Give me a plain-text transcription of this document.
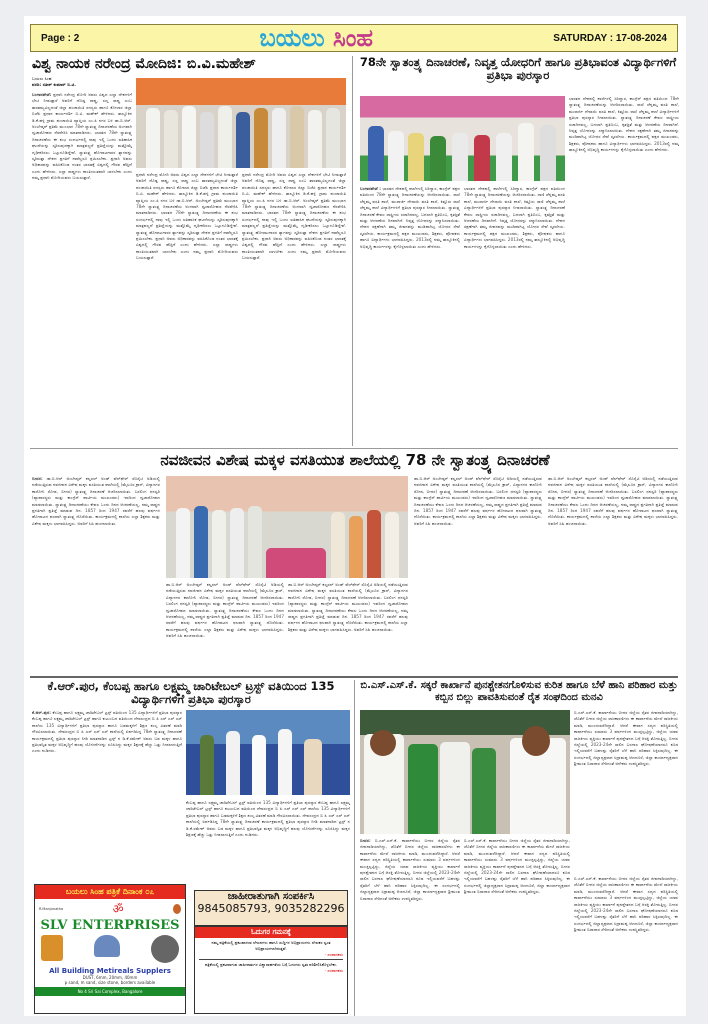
Page : 2	ಬಯಲು ಸಿಂಹ	SATURDAY : 17-08-2024
ವಿಶ್ವ ನಾಯಕ ನರೇಂದ್ರ ಮೋದಿಜಿ: ಬಿ.ವಿ.ಮಹೇಶ್

ಬಯಲು ಸಿಂಹ

ವರದಿ: ಸತೀಶ್ ಕುಮಾರ್ ಬಿ.ಟಿ.

ಬಂಗಾರಪೇಟೆ: ಪ್ರಧಾನಿ ನರೇಂದ್ರ ಮೋದಿ ಅವರು ವಿಶ್ವದ ಎಲ್ಲಾ ದೇಶಗಳಿಗೆ ಭೇಟಿ ನೀಡುತ್ತಾರೆ ಅವರಿಗೆ ದೊಡ್ಡ ರಾಷ್ಟ್ರ, ಸಣ್ಣ ರಾಷ್ಟ್ರ ಎಂಬ ತಾರತಮ್ಯವಿಲ್ಲದಂತೆ ಜಿಲ್ಲಾ ಪಂಚಾಯಿತಿ ಸದಸ್ಯರು ಹಾಗೂ ಕೋಲಾರ ಜಿಲ್ಲಾ ಬಿಜೆಪಿ ಪ್ರಧಾನ ಕಾರ್ಯದರ್ಶಿ ಬಿ.ವಿ. ಮಹೇಶ್ ಹೇಳಿದರು. ತಾಲ್ಲೂಕಿನ ಡಿ.ಕೆ.ಹಳ್ಳಿ ಗ್ರಾಮ ಪಂಚಾಯಿತಿ ವ್ಯಾಪ್ತಿಯ ಎಂ.ಪಿ ನಗರ ಬಳಿ ಡಾ.ಬಿ.ಆರ್. ಅಂಬೇಡ್ಕರ್ ಪ್ರತಿಮೆ ಮುಂಭಾಗ 78ನೇ ಸ್ವಾತಂತ್ರ್ಯ ದಿನಾಚರಣೆಯ ಅಂಗವಾಗಿ ಧ್ವಜಾರೋಹಣ ನೆರವೇರಿಸಿ ಮಾತನಾಡಿದರು. ಭಾರತದ 78ನೇ ಸ್ವಾತಂತ್ರ್ಯ ದಿನಾಚರಣೆಯ ಈ ಶುಭ ಸಂದರ್ಭದಲ್ಲಿ ನಾವು ಇಲ್ಲಿ ಒಂದು ಐತಿಹಾಸಿಕ ಘಟನೆಯನ್ನು ಸ್ಮರಿಸುವುದಕ್ಕಾಗಿ ಮಾತ್ರವಲ್ಲದೆ ಪ್ರತಿಜ್ಞೆಯನ್ನು ಮತ್ತೊಮ್ಮೆ ದೃಢೀಕರಿಸಲು ಒಟ್ಟುಗೂಡಿದ್ದೇವೆ. ಸ್ವಾತಂತ್ರ್ಯ ಹೋರಾಟಗಾರರ ತ್ಯಾಗವನ್ನು ಸ್ಮರಿಸುತ್ತಾ ದೇಶದ ಪ್ರಗತಿಗೆ ನಾವೆಲ್ಲರೂ ಶ್ರಮಿಸಬೇಕು. ಪ್ರಧಾನಿ ಅವರು ಅಧಿಕಾರವನ್ನು ವಹಿಸಿಕೊಂಡ ನಂತರ ಭಾರತಕ್ಕೆ ವಿಶ್ವದಲ್ಲಿ ಗೌರವ ಹೆಚ್ಚಿದೆ ಎಂದು ಹೇಳಿದರು. ಎಲ್ಲಾ ರಾಷ್ಟ್ರಗಳು ಶಾಂತಿಯುತವಾಗಿ ಬಾಳಬೇಕು ಎಂದು ನಮ್ಮ ಪ್ರಧಾನಿ ಮೋದಿಯವರು ಬಯಸುತ್ತಾರೆ.

ಪ್ರಧಾನಿ ನರೇಂದ್ರ ಮೋದಿ ಅವರು ವಿಶ್ವದ ಎಲ್ಲಾ ದೇಶಗಳಿಗೆ ಭೇಟಿ ನೀಡುತ್ತಾರೆ ಅವರಿಗೆ ದೊಡ್ಡ ರಾಷ್ಟ್ರ, ಸಣ್ಣ ರಾಷ್ಟ್ರ ಎಂಬ ತಾರತಮ್ಯವಿಲ್ಲದಂತೆ ಜಿಲ್ಲಾ ಪಂಚಾಯಿತಿ ಸದಸ್ಯರು ಹಾಗೂ ಕೋಲಾರ ಜಿಲ್ಲಾ ಬಿಜೆಪಿ ಪ್ರಧಾನ ಕಾರ್ಯದರ್ಶಿ ಬಿ.ವಿ. ಮಹೇಶ್ ಹೇಳಿದರು. ತಾಲ್ಲೂಕಿನ ಡಿ.ಕೆ.ಹಳ್ಳಿ ಗ್ರಾಮ ಪಂಚಾಯಿತಿ ವ್ಯಾಪ್ತಿಯ ಎಂ.ಪಿ ನಗರ ಬಳಿ ಡಾ.ಬಿ.ಆರ್. ಅಂಬೇಡ್ಕರ್ ಪ್ರತಿಮೆ ಮುಂಭಾಗ 78ನೇ ಸ್ವಾತಂತ್ರ್ಯ ದಿನಾಚರಣೆಯ ಅಂಗವಾಗಿ ಧ್ವಜಾರೋಹಣ ನೆರವೇರಿಸಿ ಮಾತನಾಡಿದರು. ಭಾರತದ 78ನೇ ಸ್ವಾತಂತ್ರ್ಯ ದಿನಾಚರಣೆಯ ಈ ಶುಭ ಸಂದರ್ಭದಲ್ಲಿ ನಾವು ಇಲ್ಲಿ ಒಂದು ಐತಿಹಾಸಿಕ ಘಟನೆಯನ್ನು ಸ್ಮರಿಸುವುದಕ್ಕಾಗಿ ಮಾತ್ರವಲ್ಲದೆ ಪ್ರತಿಜ್ಞೆಯನ್ನು ಮತ್ತೊಮ್ಮೆ ದೃಢೀಕರಿಸಲು ಒಟ್ಟುಗೂಡಿದ್ದೇವೆ. ಸ್ವಾತಂತ್ರ್ಯ ಹೋರಾಟಗಾರರ ತ್ಯಾಗವನ್ನು ಸ್ಮರಿಸುತ್ತಾ ದೇಶದ ಪ್ರಗತಿಗೆ ನಾವೆಲ್ಲರೂ ಶ್ರಮಿಸಬೇಕು. ಪ್ರಧಾನಿ ಅವರು ಅಧಿಕಾರವನ್ನು ವಹಿಸಿಕೊಂಡ ನಂತರ ಭಾರತಕ್ಕೆ ವಿಶ್ವದಲ್ಲಿ ಗೌರವ ಹೆಚ್ಚಿದೆ ಎಂದು ಹೇಳಿದರು. ಎಲ್ಲಾ ರಾಷ್ಟ್ರಗಳು ಶಾಂತಿಯುತವಾಗಿ ಬಾಳಬೇಕು ಎಂದು ನಮ್ಮ ಪ್ರಧಾನಿ ಮೋದಿಯವರು ಬಯಸುತ್ತಾರೆ.

ಪ್ರಧಾನಿ ನರೇಂದ್ರ ಮೋದಿ ಅವರು ವಿಶ್ವದ ಎಲ್ಲಾ ದೇಶಗಳಿಗೆ ಭೇಟಿ ನೀಡುತ್ತಾರೆ ಅವರಿಗೆ ದೊಡ್ಡ ರಾಷ್ಟ್ರ, ಸಣ್ಣ ರಾಷ್ಟ್ರ ಎಂಬ ತಾರತಮ್ಯವಿಲ್ಲದಂತೆ ಜಿಲ್ಲಾ ಪಂಚಾಯಿತಿ ಸದಸ್ಯರು ಹಾಗೂ ಕೋಲಾರ ಜಿಲ್ಲಾ ಬಿಜೆಪಿ ಪ್ರಧಾನ ಕಾರ್ಯದರ್ಶಿ ಬಿ.ವಿ. ಮಹೇಶ್ ಹೇಳಿದರು. ತಾಲ್ಲೂಕಿನ ಡಿ.ಕೆ.ಹಳ್ಳಿ ಗ್ರಾಮ ಪಂಚಾಯಿತಿ ವ್ಯಾಪ್ತಿಯ ಎಂ.ಪಿ ನಗರ ಬಳಿ ಡಾ.ಬಿ.ಆರ್. ಅಂಬೇಡ್ಕರ್ ಪ್ರತಿಮೆ ಮುಂಭಾಗ 78ನೇ ಸ್ವಾತಂತ್ರ್ಯ ದಿನಾಚರಣೆಯ ಅಂಗವಾಗಿ ಧ್ವಜಾರೋಹಣ ನೆರವೇರಿಸಿ ಮಾತನಾಡಿದರು. ಭಾರತದ 78ನೇ ಸ್ವಾತಂತ್ರ್ಯ ದಿನಾಚರಣೆಯ ಈ ಶುಭ ಸಂದರ್ಭದಲ್ಲಿ ನಾವು ಇಲ್ಲಿ ಒಂದು ಐತಿಹಾಸಿಕ ಘಟನೆಯನ್ನು ಸ್ಮರಿಸುವುದಕ್ಕಾಗಿ ಮಾತ್ರವಲ್ಲದೆ ಪ್ರತಿಜ್ಞೆಯನ್ನು ಮತ್ತೊಮ್ಮೆ ದೃಢೀಕರಿಸಲು ಒಟ್ಟುಗೂಡಿದ್ದೇವೆ. ಸ್ವಾತಂತ್ರ್ಯ ಹೋರಾಟಗಾರರ ತ್ಯಾಗವನ್ನು ಸ್ಮರಿಸುತ್ತಾ ದೇಶದ ಪ್ರಗತಿಗೆ ನಾವೆಲ್ಲರೂ ಶ್ರಮಿಸಬೇಕು. ಪ್ರಧಾನಿ ಅವರು ಅಧಿಕಾರವನ್ನು ವಹಿಸಿಕೊಂಡ ನಂತರ ಭಾರತಕ್ಕೆ ವಿಶ್ವದಲ್ಲಿ ಗೌರವ ಹೆಚ್ಚಿದೆ ಎಂದು ಹೇಳಿದರು. ಎಲ್ಲಾ ರಾಷ್ಟ್ರಗಳು ಶಾಂತಿಯುತವಾಗಿ ಬಾಳಬೇಕು ಎಂದು ನಮ್ಮ ಪ್ರಧಾನಿ ಮೋದಿಯವರು ಬಯಸುತ್ತಾರೆ.

78ನೇ ಸ್ವಾತಂತ್ರ್ಯ ದಿನಾಚರಣೆ, ನಿವೃತ್ತ ಯೋಧರಿಗೆ ಹಾಗೂ ಪ್ರತಿಭಾವಂತ ವಿದ್ಯಾರ್ಥಿಗಳಿಗೆ ಪ್ರತಿಭಾ ಪುರಸ್ಕಾರ

ಭಾರತದ ದೇಶಪಲ್ಲಿ ಶಾಲೆಗಳಲ್ಲಿ ಸಿರಿದ್ವಾರ, ಕಾಂಗ್ರೆಸ್ ಪಕ್ಷದ ವತಿಯಿಂದ 78ನೇ ಸ್ವಾತಂತ್ರ್ಯ ದಿನಾಚರಣೆಯನ್ನು ಆಚರಿಸಲಾಯಿತು. ರಾಣಿ ಚೆನ್ನಮ್ಮ ವಸತಿ ಶಾಲೆ, ಮುರಾರ್ಜಿ ದೇಸಾಯಿ ವಸತಿ ಶಾಲೆ, ಕಿತ್ತೂರು ರಾಣಿ ಚೆನ್ನಮ್ಮ ಶಾಲೆ ವಿದ್ಯಾರ್ಥಿಗಳಿಗೆ ಪ್ರತಿಭಾ ಪುರಸ್ಕಾರ ನೀಡಲಾಯಿತು. ಸ್ವಾತಂತ್ರ್ಯ ದಿನಾಚರಣೆ ಕೇವಲ ರಾಷ್ಟ್ರೀಯ ರಜಾದಿನವಲ್ಲ, ಬದಲಾಗಿ ಪ್ರತಿಬಿಂಬ, ಕೃತಜ್ಞತೆ ಮತ್ತು ಆಚರಣೆಯ ದಿನವಾಗಿದೆ. ನಿವೃತ್ತ ಯೋಧರನ್ನು ಸನ್ಮಾನಿಸಲಾಯಿತು. ದೇಶದ ರಕ್ಷಣೆಗಾಗಿ ತಮ್ಮ ಜೀವನವನ್ನು ಮುಡಿಪಾಗಿಟ್ಟ ಯೋಧರ ಸೇವೆ ಸ್ಮರಣೀಯ. ಕಾರ್ಯಕ್ರಮದಲ್ಲಿ ಪಕ್ಷದ ಮುಖಂಡರು, ಶಿಕ್ಷಕರು, ಪೋಷಕರು ಹಾಗೂ ವಿದ್ಯಾರ್ಥಿಗಳು ಭಾಗವಹಿಸಿದ್ದರು. 2013ರಲ್ಲಿ ನಮ್ಮ ತಾಲ್ಲೂಕಿನಲ್ಲಿ ಅಭಿವೃದ್ಧಿ ಕಾರ್ಯಗಳನ್ನು ಕೈಗೊಳ್ಳಲಾಯಿತು ಎಂದು ಹೇಳಿದರು.

ಬಂಗಾರಪೇಟೆ : ಭಾರತದ ದೇಶಪಲ್ಲಿ ಶಾಲೆಗಳಲ್ಲಿ ಸಿರಿದ್ವಾರ, ಕಾಂಗ್ರೆಸ್ ಪಕ್ಷದ ವತಿಯಿಂದ 78ನೇ ಸ್ವಾತಂತ್ರ್ಯ ದಿನಾಚರಣೆಯನ್ನು ಆಚರಿಸಲಾಯಿತು. ರಾಣಿ ಚೆನ್ನಮ್ಮ ವಸತಿ ಶಾಲೆ, ಮುರಾರ್ಜಿ ದೇಸಾಯಿ ವಸತಿ ಶಾಲೆ, ಕಿತ್ತೂರು ರಾಣಿ ಚೆನ್ನಮ್ಮ ಶಾಲೆ ವಿದ್ಯಾರ್ಥಿಗಳಿಗೆ ಪ್ರತಿಭಾ ಪುರಸ್ಕಾರ ನೀಡಲಾಯಿತು. ಸ್ವಾತಂತ್ರ್ಯ ದಿನಾಚರಣೆ ಕೇವಲ ರಾಷ್ಟ್ರೀಯ ರಜಾದಿನವಲ್ಲ, ಬದಲಾಗಿ ಪ್ರತಿಬಿಂಬ, ಕೃತಜ್ಞತೆ ಮತ್ತು ಆಚರಣೆಯ ದಿನವಾಗಿದೆ. ನಿವೃತ್ತ ಯೋಧರನ್ನು ಸನ್ಮಾನಿಸಲಾಯಿತು. ದೇಶದ ರಕ್ಷಣೆಗಾಗಿ ತಮ್ಮ ಜೀವನವನ್ನು ಮುಡಿಪಾಗಿಟ್ಟ ಯೋಧರ ಸೇವೆ ಸ್ಮರಣೀಯ. ಕಾರ್ಯಕ್ರಮದಲ್ಲಿ ಪಕ್ಷದ ಮುಖಂಡರು, ಶಿಕ್ಷಕರು, ಪೋಷಕರು ಹಾಗೂ ವಿದ್ಯಾರ್ಥಿಗಳು ಭಾಗವಹಿಸಿದ್ದರು. 2013ರಲ್ಲಿ ನಮ್ಮ ತಾಲ್ಲೂಕಿನಲ್ಲಿ ಅಭಿವೃದ್ಧಿ ಕಾರ್ಯಗಳನ್ನು ಕೈಗೊಳ್ಳಲಾಯಿತು ಎಂದು ಹೇಳಿದರು.

ಭಾರತದ ದೇಶಪಲ್ಲಿ ಶಾಲೆಗಳಲ್ಲಿ ಸಿರಿದ್ವಾರ, ಕಾಂಗ್ರೆಸ್ ಪಕ್ಷದ ವತಿಯಿಂದ 78ನೇ ಸ್ವಾತಂತ್ರ್ಯ ದಿನಾಚರಣೆಯನ್ನು ಆಚರಿಸಲಾಯಿತು. ರಾಣಿ ಚೆನ್ನಮ್ಮ ವಸತಿ ಶಾಲೆ, ಮುರಾರ್ಜಿ ದೇಸಾಯಿ ವಸತಿ ಶಾಲೆ, ಕಿತ್ತೂರು ರಾಣಿ ಚೆನ್ನಮ್ಮ ಶಾಲೆ ವಿದ್ಯಾರ್ಥಿಗಳಿಗೆ ಪ್ರತಿಭಾ ಪುರಸ್ಕಾರ ನೀಡಲಾಯಿತು. ಸ್ವಾತಂತ್ರ್ಯ ದಿನಾಚರಣೆ ಕೇವಲ ರಾಷ್ಟ್ರೀಯ ರಜಾದಿನವಲ್ಲ, ಬದಲಾಗಿ ಪ್ರತಿಬಿಂಬ, ಕೃತಜ್ಞತೆ ಮತ್ತು ಆಚರಣೆಯ ದಿನವಾಗಿದೆ. ನಿವೃತ್ತ ಯೋಧರನ್ನು ಸನ್ಮಾನಿಸಲಾಯಿತು. ದೇಶದ ರಕ್ಷಣೆಗಾಗಿ ತಮ್ಮ ಜೀವನವನ್ನು ಮುಡಿಪಾಗಿಟ್ಟ ಯೋಧರ ಸೇವೆ ಸ್ಮರಣೀಯ. ಕಾರ್ಯಕ್ರಮದಲ್ಲಿ ಪಕ್ಷದ ಮುಖಂಡರು, ಶಿಕ್ಷಕರು, ಪೋಷಕರು ಹಾಗೂ ವಿದ್ಯಾರ್ಥಿಗಳು ಭಾಗವಹಿಸಿದ್ದರು. 2013ರಲ್ಲಿ ನಮ್ಮ ತಾಲ್ಲೂಕಿನಲ್ಲಿ ಅಭಿವೃದ್ಧಿ ಕಾರ್ಯಗಳನ್ನು ಕೈಗೊಳ್ಳಲಾಯಿತು ಎಂದು ಹೇಳಿದರು.

ನವಜೀವನ ವಿಶೇಷ ಮಕ್ಕಳ ವಸತಿಯುತ ಶಾಲೆಯಲ್ಲಿ 78 ನೇ ಸ್ವಾತಂತ್ರ್ಯ ದಿನಾಚರಣೆ

ಬೀದರ: ಡಾ.ಬಿ.ಆರ್ ಅಂಬೇಡ್ಕರ್ ಕಲ್ಚರಲ್ ಅಂಡ್ ವೆಲ್‌ಫೇರ್ ಸೊಸೈಟಿ ಅಡಿಯಲ್ಲಿ ನಡೆಯುತ್ತಿರುವ ನವಜೀವನ ವಿಶೇಷ ಮಕ್ಕಳ ವಸತಿಯುತ ಶಾಲೆಯಲ್ಲಿ (ಮೈಲೂರ ಕ್ರಾಸ್, ವಿದ್ಯಾನಗರ ಕಾಲೋನಿ ರೋಡ, ಬೀದರ) ಸ್ವಾತಂತ್ರ್ಯ ದಿನಾಚರಣೆ ಆಚರಿಸಲಾಯಿತು. ಬಸಲಿಂಗ ಧನಸ್ವರಿ (ವ್ಯಾಪಾರಸ್ಥರು ಮತ್ತು ಕಾಂಗ್ರೆಸ್ ಪಾರ್ಟಿಯ ಮುಖಂಡರು) ಇವರಿಂದ ಧ್ವಜಾರೋಹಣ ಮಾಡಲಾಯಿತು. ಸ್ವಾತಂತ್ರ್ಯ ದಿನಾಚರಣೆಯು ಕೇವಲ ಒಂದು ದಿನದ ಆಚರಣೆಯಲ್ಲ, ನಮ್ಮ ರಾಷ್ಟ್ರದ ಪ್ರಗತಿಗಾಗಿ ಪ್ರತಿಜ್ಞೆ ಮಾಡುವ ದಿನ. 1857 ರಿಂದ 1947 ರವರೆಗೆ ಹಲವು ವರ್ಷಗಳ ಹೋರಾಟದ ಫಲವಾಗಿ ಸ್ವಾತಂತ್ರ್ಯ ದೊರೆಯಿತು. ಕಾರ್ಯಕ್ರಮದಲ್ಲಿ ಶಾಲೆಯ ಎಲ್ಲಾ ಶಿಕ್ಷಕರು ಮತ್ತು ವಿಶೇಷ ಮಕ್ಕಳು ಭಾಗವಹಿಸಿದ್ದರು. ಅವರಿಗೆ ಸಿಹಿ ಹಂಚಲಾಯಿತು.

ಡಾ.ಬಿ.ಆರ್ ಅಂಬೇಡ್ಕರ್ ಕಲ್ಚರಲ್ ಅಂಡ್ ವೆಲ್‌ಫೇರ್ ಸೊಸೈಟಿ ಅಡಿಯಲ್ಲಿ ನಡೆಯುತ್ತಿರುವ ನವಜೀವನ ವಿಶೇಷ ಮಕ್ಕಳ ವಸತಿಯುತ ಶಾಲೆಯಲ್ಲಿ (ಮೈಲೂರ ಕ್ರಾಸ್, ವಿದ್ಯಾನಗರ ಕಾಲೋನಿ ರೋಡ, ಬೀದರ) ಸ್ವಾತಂತ್ರ್ಯ ದಿನಾಚರಣೆ ಆಚರಿಸಲಾಯಿತು. ಬಸಲಿಂಗ ಧನಸ್ವರಿ (ವ್ಯಾಪಾರಸ್ಥರು ಮತ್ತು ಕಾಂಗ್ರೆಸ್ ಪಾರ್ಟಿಯ ಮುಖಂಡರು) ಇವರಿಂದ ಧ್ವಜಾರೋಹಣ ಮಾಡಲಾಯಿತು. ಸ್ವಾತಂತ್ರ್ಯ ದಿನಾಚರಣೆಯು ಕೇವಲ ಒಂದು ದಿನದ ಆಚರಣೆಯಲ್ಲ, ನಮ್ಮ ರಾಷ್ಟ್ರದ ಪ್ರಗತಿಗಾಗಿ ಪ್ರತಿಜ್ಞೆ ಮಾಡುವ ದಿನ. 1857 ರಿಂದ 1947 ರವರೆಗೆ ಹಲವು ವರ್ಷಗಳ ಹೋರಾಟದ ಫಲವಾಗಿ ಸ್ವಾತಂತ್ರ್ಯ ದೊರೆಯಿತು. ಕಾರ್ಯಕ್ರಮದಲ್ಲಿ ಶಾಲೆಯ ಎಲ್ಲಾ ಶಿಕ್ಷಕರು ಮತ್ತು ವಿಶೇಷ ಮಕ್ಕಳು ಭಾಗವಹಿಸಿದ್ದರು. ಅವರಿಗೆ ಸಿಹಿ ಹಂಚಲಾಯಿತು.

ಡಾ.ಬಿ.ಆರ್ ಅಂಬೇಡ್ಕರ್ ಕಲ್ಚರಲ್ ಅಂಡ್ ವೆಲ್‌ಫೇರ್ ಸೊಸೈಟಿ ಅಡಿಯಲ್ಲಿ ನಡೆಯುತ್ತಿರುವ ನವಜೀವನ ವಿಶೇಷ ಮಕ್ಕಳ ವಸತಿಯುತ ಶಾಲೆಯಲ್ಲಿ (ಮೈಲೂರ ಕ್ರಾಸ್, ವಿದ್ಯಾನಗರ ಕಾಲೋನಿ ರೋಡ, ಬೀದರ) ಸ್ವಾತಂತ್ರ್ಯ ದಿನಾಚರಣೆ ಆಚರಿಸಲಾಯಿತು. ಬಸಲಿಂಗ ಧನಸ್ವರಿ (ವ್ಯಾಪಾರಸ್ಥರು ಮತ್ತು ಕಾಂಗ್ರೆಸ್ ಪಾರ್ಟಿಯ ಮುಖಂಡರು) ಇವರಿಂದ ಧ್ವಜಾರೋಹಣ ಮಾಡಲಾಯಿತು. ಸ್ವಾತಂತ್ರ್ಯ ದಿನಾಚರಣೆಯು ಕೇವಲ ಒಂದು ದಿನದ ಆಚರಣೆಯಲ್ಲ, ನಮ್ಮ ರಾಷ್ಟ್ರದ ಪ್ರಗತಿಗಾಗಿ ಪ್ರತಿಜ್ಞೆ ಮಾಡುವ ದಿನ. 1857 ರಿಂದ 1947 ರವರೆಗೆ ಹಲವು ವರ್ಷಗಳ ಹೋರಾಟದ ಫಲವಾಗಿ ಸ್ವಾತಂತ್ರ್ಯ ದೊರೆಯಿತು. ಕಾರ್ಯಕ್ರಮದಲ್ಲಿ ಶಾಲೆಯ ಎಲ್ಲಾ ಶಿಕ್ಷಕರು ಮತ್ತು ವಿಶೇಷ ಮಕ್ಕಳು ಭಾಗವಹಿಸಿದ್ದರು. ಅವರಿಗೆ ಸಿಹಿ ಹಂಚಲಾಯಿತು.

ಡಾ.ಬಿ.ಆರ್ ಅಂಬೇಡ್ಕರ್ ಕಲ್ಚರಲ್ ಅಂಡ್ ವೆಲ್‌ಫೇರ್ ಸೊಸೈಟಿ ಅಡಿಯಲ್ಲಿ ನಡೆಯುತ್ತಿರುವ ನವಜೀವನ ವಿಶೇಷ ಮಕ್ಕಳ ವಸತಿಯುತ ಶಾಲೆಯಲ್ಲಿ (ಮೈಲೂರ ಕ್ರಾಸ್, ವಿದ್ಯಾನಗರ ಕಾಲೋನಿ ರೋಡ, ಬೀದರ) ಸ್ವಾತಂತ್ರ್ಯ ದಿನಾಚರಣೆ ಆಚರಿಸಲಾಯಿತು. ಬಸಲಿಂಗ ಧನಸ್ವರಿ (ವ್ಯಾಪಾರಸ್ಥರು ಮತ್ತು ಕಾಂಗ್ರೆಸ್ ಪಾರ್ಟಿಯ ಮುಖಂಡರು) ಇವರಿಂದ ಧ್ವಜಾರೋಹಣ ಮಾಡಲಾಯಿತು. ಸ್ವಾತಂತ್ರ್ಯ ದಿನಾಚರಣೆಯು ಕೇವಲ ಒಂದು ದಿನದ ಆಚರಣೆಯಲ್ಲ, ನಮ್ಮ ರಾಷ್ಟ್ರದ ಪ್ರಗತಿಗಾಗಿ ಪ್ರತಿಜ್ಞೆ ಮಾಡುವ ದಿನ. 1857 ರಿಂದ 1947 ರವರೆಗೆ ಹಲವು ವರ್ಷಗಳ ಹೋರಾಟದ ಫಲವಾಗಿ ಸ್ವಾತಂತ್ರ್ಯ ದೊರೆಯಿತು. ಕಾರ್ಯಕ್ರಮದಲ್ಲಿ ಶಾಲೆಯ ಎಲ್ಲಾ ಶಿಕ್ಷಕರು ಮತ್ತು ವಿಶೇಷ ಮಕ್ಕಳು ಭಾಗವಹಿಸಿದ್ದರು. ಅವರಿಗೆ ಸಿಹಿ ಹಂಚಲಾಯಿತು.

ಡಾ.ಬಿ.ಆರ್ ಅಂಬೇಡ್ಕರ್ ಕಲ್ಚರಲ್ ಅಂಡ್ ವೆಲ್‌ಫೇರ್ ಸೊಸೈಟಿ ಅಡಿಯಲ್ಲಿ ನಡೆಯುತ್ತಿರುವ ನವಜೀವನ ವಿಶೇಷ ಮಕ್ಕಳ ವಸತಿಯುತ ಶಾಲೆಯಲ್ಲಿ (ಮೈಲೂರ ಕ್ರಾಸ್, ವಿದ್ಯಾನಗರ ಕಾಲೋನಿ ರೋಡ, ಬೀದರ) ಸ್ವಾತಂತ್ರ್ಯ ದಿನಾಚರಣೆ ಆಚರಿಸಲಾಯಿತು. ಬಸಲಿಂಗ ಧನಸ್ವರಿ (ವ್ಯಾಪಾರಸ್ಥರು ಮತ್ತು ಕಾಂಗ್ರೆಸ್ ಪಾರ್ಟಿಯ ಮುಖಂಡರು) ಇವರಿಂದ ಧ್ವಜಾರೋಹಣ ಮಾಡಲಾಯಿತು. ಸ್ವಾತಂತ್ರ್ಯ ದಿನಾಚರಣೆಯು ಕೇವಲ ಒಂದು ದಿನದ ಆಚರಣೆಯಲ್ಲ, ನಮ್ಮ ರಾಷ್ಟ್ರದ ಪ್ರಗತಿಗಾಗಿ ಪ್ರತಿಜ್ಞೆ ಮಾಡುವ ದಿನ. 1857 ರಿಂದ 1947 ರವರೆಗೆ ಹಲವು ವರ್ಷಗಳ ಹೋರಾಟದ ಫಲವಾಗಿ ಸ್ವಾತಂತ್ರ್ಯ ದೊರೆಯಿತು. ಕಾರ್ಯಕ್ರಮದಲ್ಲಿ ಶಾಲೆಯ ಎಲ್ಲಾ ಶಿಕ್ಷಕರು ಮತ್ತು ವಿಶೇಷ ಮಕ್ಕಳು ಭಾಗವಹಿಸಿದ್ದರು. ಅವರಿಗೆ ಸಿಹಿ ಹಂಚಲಾಯಿತು.

ಕೆ.ಆರ್.ಪುರ, ಕೆಂಬಪ್ಪ ಹಾಗೂ ಲಕ್ಷ್ಮಮ್ಮ ಚಾರಿಟೇಬಲ್ ಟ್ರಸ್ಟ್ ವತಿಯಿಂದ 135 ವಿದ್ಯಾರ್ಥಿಗಳಿಗೆ ಪ್ರತಿಭಾ ಪುರಸ್ಕಾರ

ಕೆ.ಆರ್.ಪುರ: ಕೆಂಬಪ್ಪ ಹಾಗೂ ಲಕ್ಷ್ಮಮ್ಮ ಚಾರಿಟೇಬಲ್ ಟ್ರಸ್ಟ್ ವತಿಯಿಂದ 135 ವಿದ್ಯಾರ್ಥಿಗಳಿಗೆ ಪ್ರತಿಭಾ ಪುರಸ್ಕಾರ ಕೆಂಬಪ್ಪ ಹಾಗೂ ಲಕ್ಷ್ಮಮ್ಮ ಚಾರಿಟೇಬಲ್ ಟ್ರಸ್ಟ್ ಹಾಗೂ ಕುಟುಂಬದ ವತಿಯಿಂದ ದೇವಸಂದ್ರದ ಬಿ ಪಿ ಎಸ್ ಎಸ್ ಎಸ್ ಶಾಲೆಯ 135 ವಿದ್ಯಾರ್ಥಿಗಳಿಗೆ ಪ್ರತಿಭಾ ಪುರಸ್ಕಾರ ಹಾಗೂ ಬಡಮಕ್ಕಳಿಗೆ ಶಿಕ್ಷಣ ಶುಲ್ಕ ವಿತರಣೆ ಮಾಡಿ ಗೌರವಿಸಲಾಯಿತು. ದೇವಸಂದ್ರದ ಬಿ ಪಿ ಎಸ್ ಎಸ್ ಎಸ್ ಶಾಲೆಯಲ್ಲಿ ಏರ್ಪಡಿಸಿದ್ದ 78ನೇ ಸ್ವಾತಂತ್ರ್ಯ ದಿನಾಚರಣೆ ಕಾರ್ಯಕ್ರಮದಲ್ಲಿ ಪ್ರತಿಭಾ ಪುರಸ್ಕಾರ ನೀಡಿ ಮಾತನಾಡಿದ ಟ್ರಸ್ಟ್ ನ ಡಿ.ಕೆ.ರಮೇಶ್ ಅವರು ಬಡ ಮಕ್ಕಳ ಹಾಗೂ ಪ್ರತಿಭಾನ್ವಿತ ಮಕ್ಕಳ ಅಭಿವೃದ್ಧಿಗೆ ಹಲವು ಯೋಜನೆಗಳನ್ನು ರೂಪಿಸಿದ್ದು ಮಕ್ಕಳ ಶಿಕ್ಷಣಕ್ಕೆ ಹೆಚ್ಚು ಒತ್ತು ನೀಡಲಾಗುತ್ತಿದೆ ಎಂದು ನುಡಿದರು.

ಕೆಂಬಪ್ಪ ಹಾಗೂ ಲಕ್ಷ್ಮಮ್ಮ ಚಾರಿಟೇಬಲ್ ಟ್ರಸ್ಟ್ ವತಿಯಿಂದ 135 ವಿದ್ಯಾರ್ಥಿಗಳಿಗೆ ಪ್ರತಿಭಾ ಪುರಸ್ಕಾರ ಕೆಂಬಪ್ಪ ಹಾಗೂ ಲಕ್ಷ್ಮಮ್ಮ ಚಾರಿಟೇಬಲ್ ಟ್ರಸ್ಟ್ ಹಾಗೂ ಕುಟುಂಬದ ವತಿಯಿಂದ ದೇವಸಂದ್ರದ ಬಿ ಪಿ ಎಸ್ ಎಸ್ ಎಸ್ ಶಾಲೆಯ 135 ವಿದ್ಯಾರ್ಥಿಗಳಿಗೆ ಪ್ರತಿಭಾ ಪುರಸ್ಕಾರ ಹಾಗೂ ಬಡಮಕ್ಕಳಿಗೆ ಶಿಕ್ಷಣ ಶುಲ್ಕ ವಿತರಣೆ ಮಾಡಿ ಗೌರವಿಸಲಾಯಿತು. ದೇವಸಂದ್ರದ ಬಿ ಪಿ ಎಸ್ ಎಸ್ ಎಸ್ ಶಾಲೆಯಲ್ಲಿ ಏರ್ಪಡಿಸಿದ್ದ 78ನೇ ಸ್ವಾತಂತ್ರ್ಯ ದಿನಾಚರಣೆ ಕಾರ್ಯಕ್ರಮದಲ್ಲಿ ಪ್ರತಿಭಾ ಪುರಸ್ಕಾರ ನೀಡಿ ಮಾತನಾಡಿದ ಟ್ರಸ್ಟ್ ನ ಡಿ.ಕೆ.ರಮೇಶ್ ಅವರು ಬಡ ಮಕ್ಕಳ ಹಾಗೂ ಪ್ರತಿಭಾನ್ವಿತ ಮಕ್ಕಳ ಅಭಿವೃದ್ಧಿಗೆ ಹಲವು ಯೋಜನೆಗಳನ್ನು ರೂಪಿಸಿದ್ದು ಮಕ್ಕಳ ಶಿಕ್ಷಣಕ್ಕೆ ಹೆಚ್ಚು ಒತ್ತು ನೀಡಲಾಗುತ್ತಿದೆ ಎಂದು ನುಡಿದರು.

ಬಿ.ಎಸ್.ಎಸ್.ಕೆ. ಸಕ್ಕರೆ ಕಾರ್ಖಾನೆ ಪುನಶ್ಚೇತನಗೊಳಿಸುವ ಕುರಿತ ಹಾಗೂ ಬೆಳೆ ಹಾನಿ ಪರಿಹಾರ ಮತ್ತು ಕಬ್ಬಿನ ಬಿಲ್ಲು ಪಾವತಿಸುವಂತೆ ರೈತ ಸಂಘದಿಂದ ಮನವಿ

ಬಿ.ಎಸ್.ಎಸ್.ಕೆ. ಕಾರ್ಖಾನೆಯು ಬೀದರ ಜಿಲ್ಲೆಯ ರೈತರ ಜೀವನಾಡಿಯಾಗಿದ್ದು, ಜೊತೆಗೆ ಬೀದರ ಜಿಲ್ಲೆಯ ರಾಜಕಾರಣಿಗಳು ಈ ಕಾರ್ಖಾನೆಯ ಮೇಲೆ ರಾಜಕೀಯ ಮಾಡಿ, ಮುಂದುವರೆದಿದ್ದಾರೆ. ಆದರೆ ಈವಾಗ ಸದ್ಯದ ಪರಿಸ್ಥಿತಿಯಲ್ಲಿ ಕಾರ್ಖಾನೆಯು ಸುಮಾರು 3 ವರ್ಷಗಳಿಂದ ಮುಚ್ಚಲ್ಪಟ್ಟಿದ್ದು, ಜಿಲ್ಲೆಯ ಯಾವ ರಾಜಕೀಯ ವ್ಯಕ್ತಿಯು ಕಾರ್ಖಾನೆ ಪುನಶ್ಚೇತನದ ಬಗ್ಗೆ ಆಸಕ್ತಿ ತೋರುತ್ತಿಲ್ಲ. ಬೀದರ ಜಿಲ್ಲೆಯಲ್ಲಿ 2023-24ನೇ ಸಾಲಿನ ಬರಗಾಲ ಘೋಷಣೆಯಾದರೂ ಕೂಡ ಇಲ್ಲಿಯವರೆಗೆ ಬಹಳಷ್ಟು ರೈತರಿಗೆ ಬೆಳೆ ಹಾನಿ ಪರಿಹಾರ ಸಿಕ್ಕಿರುವುದಿಲ್ಲ. ಈ ಸಂದರ್ಭದಲ್ಲಿ ಜಿಲ್ಲಾಧ್ಯಕ್ಷರಾದ ಸಿದ್ರಾಮಪ್ಪ ಆಣದೂರೆ, ಜಿಲ್ಲಾ ಕಾರ್ಯಾಧ್ಯಕ್ಷರಾದ ಶ್ರೀಮಂತ ಬಿರಾದಾರ ಸೇರಿದಂತೆ ಅನೇಕರು ಉಪಸ್ಥಿತರಿದ್ದರು.

ಬೀದರ: ಬಿ.ಎಸ್.ಎಸ್.ಕೆ. ಕಾರ್ಖಾನೆಯು ಬೀದರ ಜಿಲ್ಲೆಯ ರೈತರ ಜೀವನಾಡಿಯಾಗಿದ್ದು, ಜೊತೆಗೆ ಬೀದರ ಜಿಲ್ಲೆಯ ರಾಜಕಾರಣಿಗಳು ಈ ಕಾರ್ಖಾನೆಯ ಮೇಲೆ ರಾಜಕೀಯ ಮಾಡಿ, ಮುಂದುವರೆದಿದ್ದಾರೆ. ಆದರೆ ಈವಾಗ ಸದ್ಯದ ಪರಿಸ್ಥಿತಿಯಲ್ಲಿ ಕಾರ್ಖಾನೆಯು ಸುಮಾರು 3 ವರ್ಷಗಳಿಂದ ಮುಚ್ಚಲ್ಪಟ್ಟಿದ್ದು, ಜಿಲ್ಲೆಯ ಯಾವ ರಾಜಕೀಯ ವ್ಯಕ್ತಿಯು ಕಾರ್ಖಾನೆ ಪುನಶ್ಚೇತನದ ಬಗ್ಗೆ ಆಸಕ್ತಿ ತೋರುತ್ತಿಲ್ಲ. ಬೀದರ ಜಿಲ್ಲೆಯಲ್ಲಿ 2023-24ನೇ ಸಾಲಿನ ಬರಗಾಲ ಘೋಷಣೆಯಾದರೂ ಕೂಡ ಇಲ್ಲಿಯವರೆಗೆ ಬಹಳಷ್ಟು ರೈತರಿಗೆ ಬೆಳೆ ಹಾನಿ ಪರಿಹಾರ ಸಿಕ್ಕಿರುವುದಿಲ್ಲ. ಈ ಸಂದರ್ಭದಲ್ಲಿ ಜಿಲ್ಲಾಧ್ಯಕ್ಷರಾದ ಸಿದ್ರಾಮಪ್ಪ ಆಣದೂರೆ, ಜಿಲ್ಲಾ ಕಾರ್ಯಾಧ್ಯಕ್ಷರಾದ ಶ್ರೀಮಂತ ಬಿರಾದಾರ ಸೇರಿದಂತೆ ಅನೇಕರು ಉಪಸ್ಥಿತರಿದ್ದರು.

ಬಿ.ಎಸ್.ಎಸ್.ಕೆ. ಕಾರ್ಖಾನೆಯು ಬೀದರ ಜಿಲ್ಲೆಯ ರೈತರ ಜೀವನಾಡಿಯಾಗಿದ್ದು, ಜೊತೆಗೆ ಬೀದರ ಜಿಲ್ಲೆಯ ರಾಜಕಾರಣಿಗಳು ಈ ಕಾರ್ಖಾನೆಯ ಮೇಲೆ ರಾಜಕೀಯ ಮಾಡಿ, ಮುಂದುವರೆದಿದ್ದಾರೆ. ಆದರೆ ಈವಾಗ ಸದ್ಯದ ಪರಿಸ್ಥಿತಿಯಲ್ಲಿ ಕಾರ್ಖಾನೆಯು ಸುಮಾರು 3 ವರ್ಷಗಳಿಂದ ಮುಚ್ಚಲ್ಪಟ್ಟಿದ್ದು, ಜಿಲ್ಲೆಯ ಯಾವ ರಾಜಕೀಯ ವ್ಯಕ್ತಿಯು ಕಾರ್ಖಾನೆ ಪುನಶ್ಚೇತನದ ಬಗ್ಗೆ ಆಸಕ್ತಿ ತೋರುತ್ತಿಲ್ಲ. ಬೀದರ ಜಿಲ್ಲೆಯಲ್ಲಿ 2023-24ನೇ ಸಾಲಿನ ಬರಗಾಲ ಘೋಷಣೆಯಾದರೂ ಕೂಡ ಇಲ್ಲಿಯವರೆಗೆ ಬಹಳಷ್ಟು ರೈತರಿಗೆ ಬೆಳೆ ಹಾನಿ ಪರಿಹಾರ ಸಿಕ್ಕಿರುವುದಿಲ್ಲ. ಈ ಸಂದರ್ಭದಲ್ಲಿ ಜಿಲ್ಲಾಧ್ಯಕ್ಷರಾದ ಸಿದ್ರಾಮಪ್ಪ ಆಣದೂರೆ, ಜಿಲ್ಲಾ ಕಾರ್ಯಾಧ್ಯಕ್ಷರಾದ ಶ್ರೀಮಂತ ಬಿರಾದಾರ ಸೇರಿದಂತೆ ಅನೇಕರು ಉಪಸ್ಥಿತರಿದ್ದರು.

ಬಿ.ಎಸ್.ಎಸ್.ಕೆ. ಕಾರ್ಖಾನೆಯು ಬೀದರ ಜಿಲ್ಲೆಯ ರೈತರ ಜೀವನಾಡಿಯಾಗಿದ್ದು, ಜೊತೆಗೆ ಬೀದರ ಜಿಲ್ಲೆಯ ರಾಜಕಾರಣಿಗಳು ಈ ಕಾರ್ಖಾನೆಯ ಮೇಲೆ ರಾಜಕೀಯ ಮಾಡಿ, ಮುಂದುವರೆದಿದ್ದಾರೆ. ಆದರೆ ಈವಾಗ ಸದ್ಯದ ಪರಿಸ್ಥಿತಿಯಲ್ಲಿ ಕಾರ್ಖಾನೆಯು ಸುಮಾರು 3 ವರ್ಷಗಳಿಂದ ಮುಚ್ಚಲ್ಪಟ್ಟಿದ್ದು, ಜಿಲ್ಲೆಯ ಯಾವ ರಾಜಕೀಯ ವ್ಯಕ್ತಿಯು ಕಾರ್ಖಾನೆ ಪುನಶ್ಚೇತನದ ಬಗ್ಗೆ ಆಸಕ್ತಿ ತೋರುತ್ತಿಲ್ಲ. ಬೀದರ ಜಿಲ್ಲೆಯಲ್ಲಿ 2023-24ನೇ ಸಾಲಿನ ಬರಗಾಲ ಘೋಷಣೆಯಾದರೂ ಕೂಡ ಇಲ್ಲಿಯವರೆಗೆ ಬಹಳಷ್ಟು ರೈತರಿಗೆ ಬೆಳೆ ಹಾನಿ ಪರಿಹಾರ ಸಿಕ್ಕಿರುವುದಿಲ್ಲ. ಈ ಸಂದರ್ಭದಲ್ಲಿ ಜಿಲ್ಲಾಧ್ಯಕ್ಷರಾದ ಸಿದ್ರಾಮಪ್ಪ ಆಣದೂರೆ, ಜಿಲ್ಲಾ ಕಾರ್ಯಾಧ್ಯಕ್ಷರಾದ ಶ್ರೀಮಂತ ಬಿರಾದಾರ ಸೇರಿದಂತೆ ಅನೇಕರು ಉಪಸ್ಥಿತರಿದ್ದರು.

ಬಯಲು ಸಿಂಹ ಪತ್ರಿಕೆ ದಿನಾಂಕ ೦೭
R.Manjunatha	ॐ
SLV ENTERPRISES
All Building Metireals Supplers
DUST, 6mm, 20mm, 40mm
p sand, m sand, size stone, borders available
No 4 Sri Sai Complex, Bangalore
ಜಾಹೀರಾತುಗಾಗಿ ಸಂಪರ್ಕಿಸಿ
9845085793, 9035282296
ಓದುಗರ ಗಮನಕ್ಕೆ
ನಮ್ಮ ಪತ್ರಿಕೆಯಲ್ಲಿ ಪ್ರಕಟವಾಗುವ ಲೇಖನಗಳು ಹಾಗೂ ಸುದ್ದಿಗಳ ಅಭಿಪ್ರಾಯಗಳು ಲೇಖಕರ ಸ್ವಂತ ಅಭಿಪ್ರಾಯಗಳಾಗಿರುತ್ತವೆ.
- ಸಂಪಾದಕರು
ಪತ್ರಿಕೆಯಲ್ಲಿ ಪ್ರಕಟವಾಗುವ ಜಾಹೀರಾತುಗಳ ವಿಶ್ವಾಸಾರ್ಹತೆಯ ಬಗ್ಗೆ ಓದುಗರು ಸ್ವತಃ ಪರಿಶೀಲಿಸಿಕೊಳ್ಳಬೇಕು.
- ಸಂಪಾದಕರು
